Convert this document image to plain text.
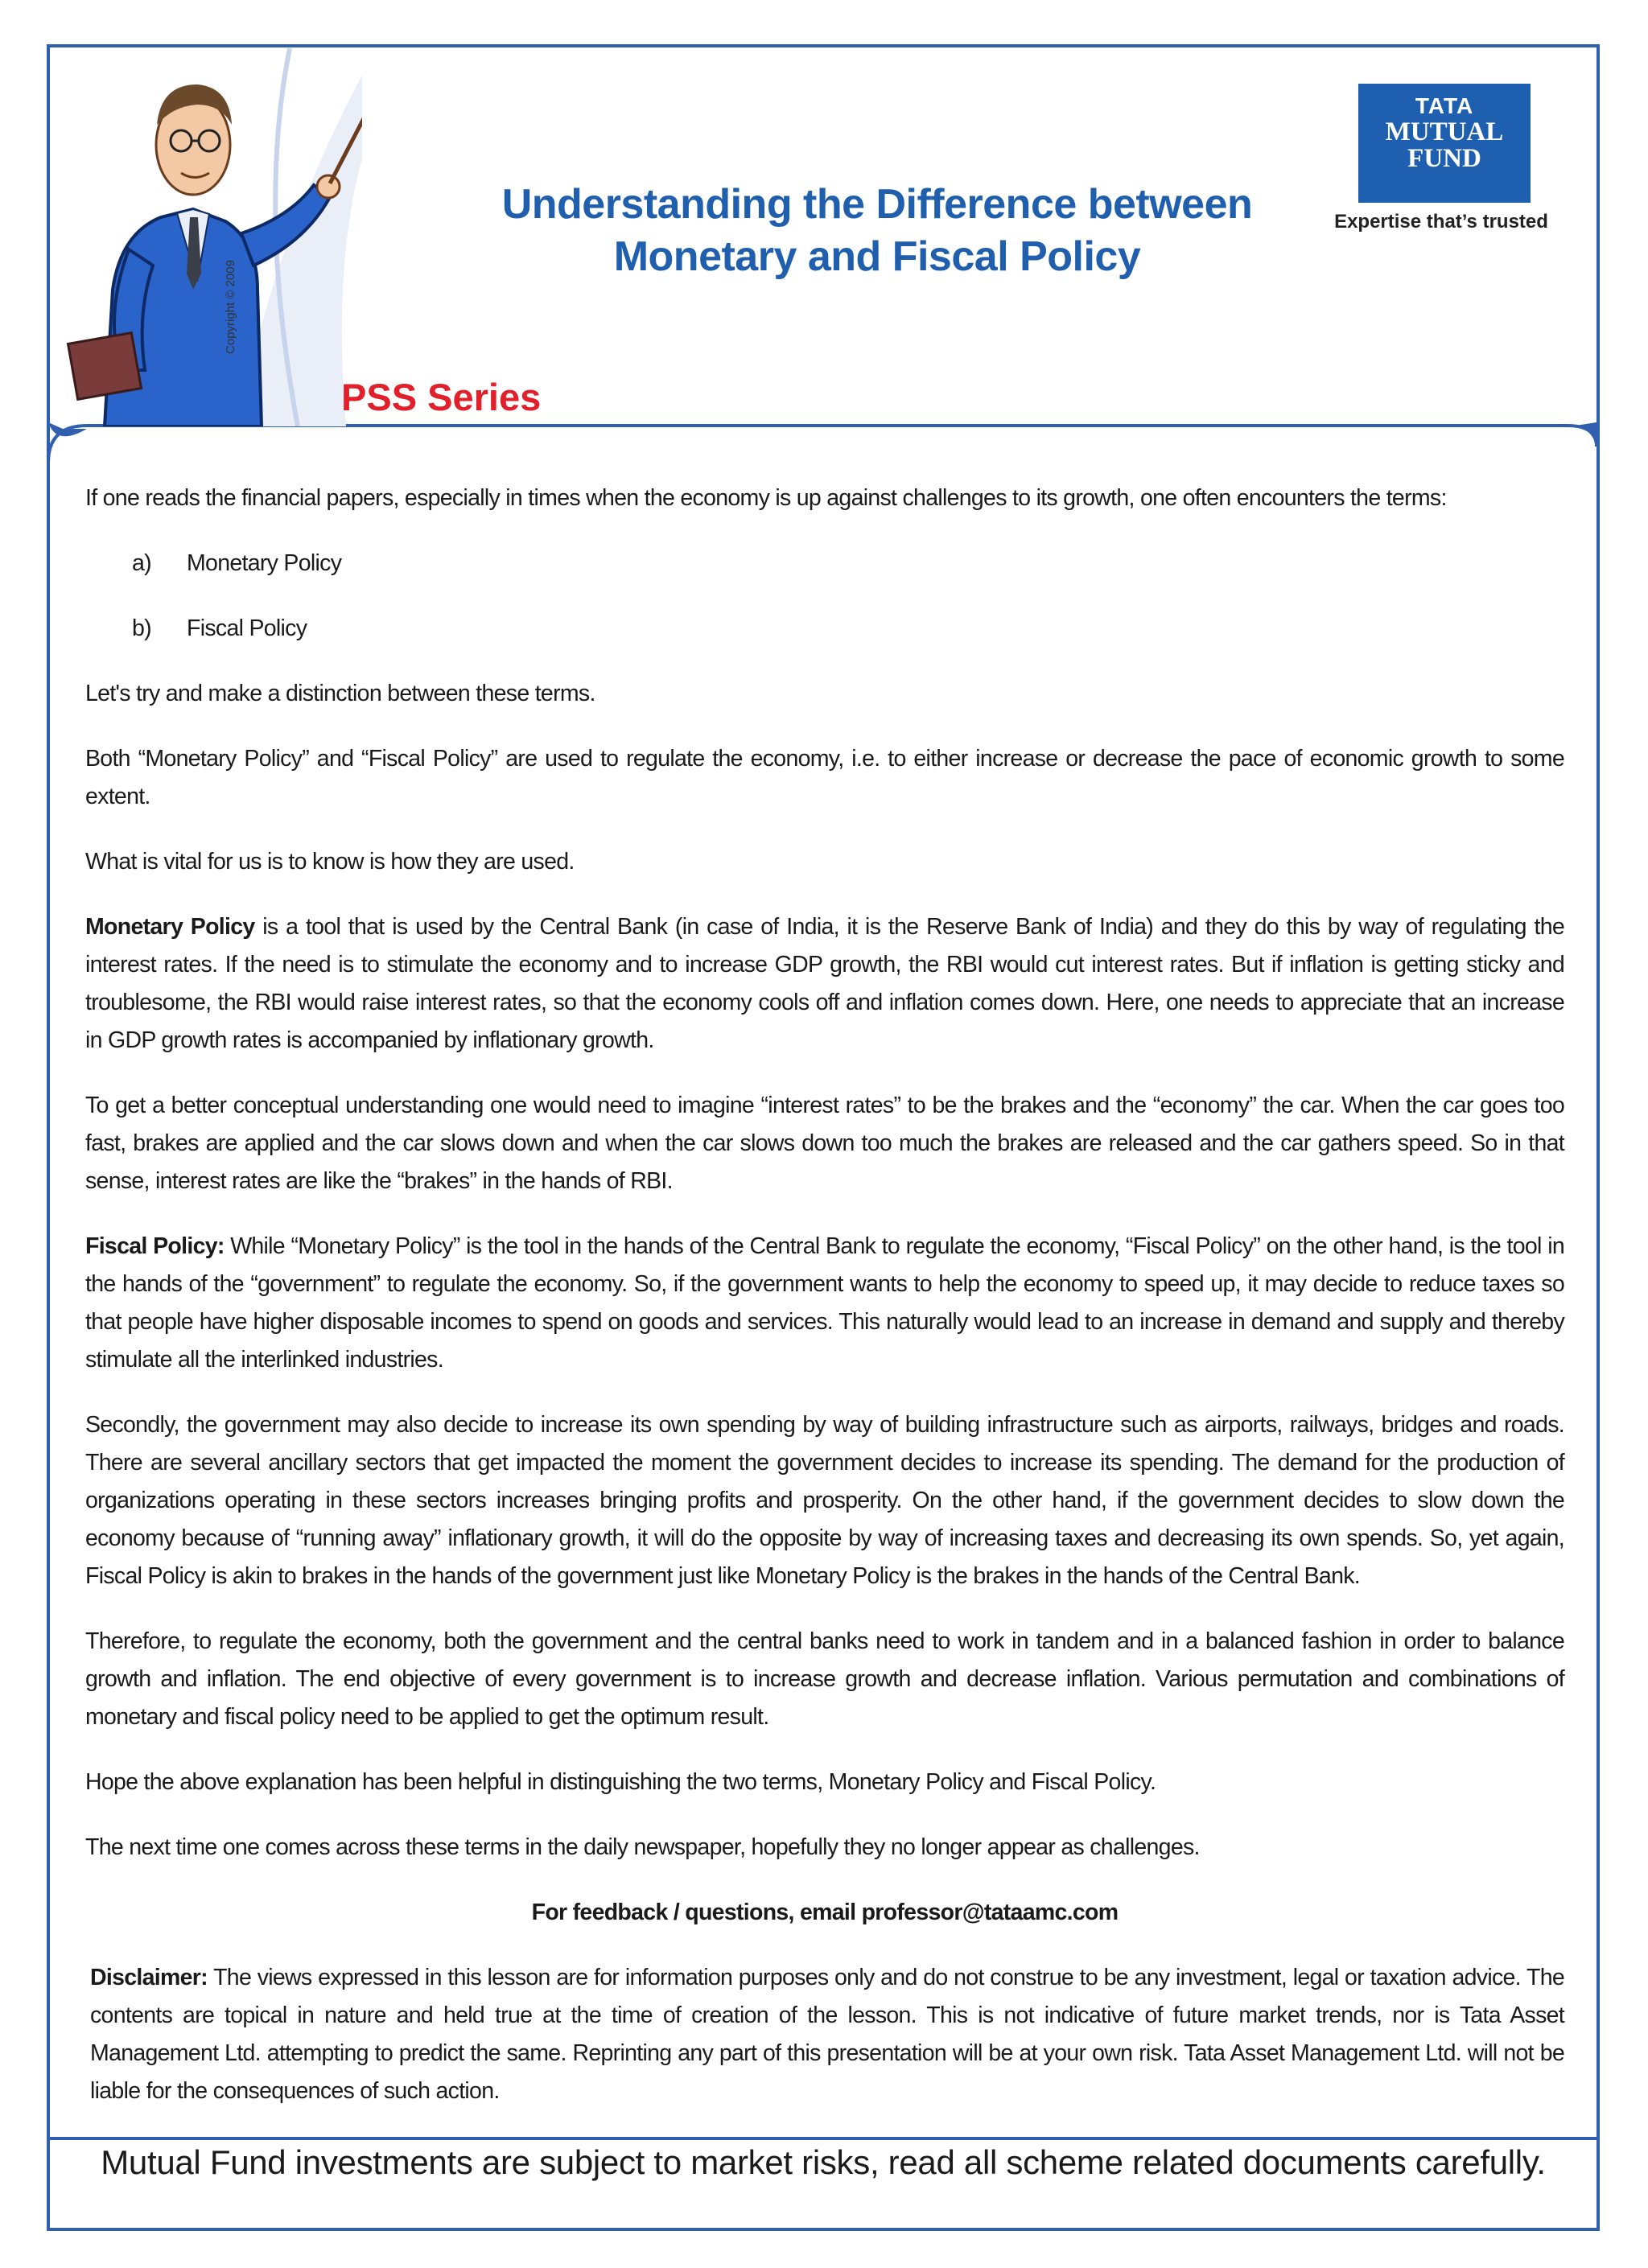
Copyright © 2009
Understanding the Difference between
Monetary and Fiscal Policy
PSS Series
TATA
MUTUAL
FUND
Expertise that’s trusted

If one reads the financial papers, especially in times when the economy is up against challenges to its growth, one often encounters the terms:

a) Monetary Policy
b) Fiscal Policy

Let's try and make a distinction between these terms.

Both “Monetary Policy” and “Fiscal Policy” are used to regulate the economy, i.e. to either increase or decrease the pace of economic growth to some extent.

What is vital for us is to know is how they are used.

Monetary Policy is a tool that is used by the Central Bank (in case of India, it is the Reserve Bank of India) and they do this by way of regulating the interest rates. If the need is to stimulate the economy and to increase GDP growth, the RBI would cut interest rates. But if inflation is getting sticky and troublesome, the RBI would raise interest rates, so that the economy cools off and inflation comes down. Here, one needs to appreciate that an increase in GDP growth rates is accompanied by inflationary growth.

To get a better conceptual understanding one would need to imagine “interest rates” to be the brakes and the “economy” the car. When the car goes too fast, brakes are applied and the car slows down and when the car slows down too much the brakes are released and the car gathers speed. So in that sense, interest rates are like the “brakes” in the hands of RBI.

Fiscal Policy: While “Monetary Policy” is the tool in the hands of the Central Bank to regulate the economy, “Fiscal Policy” on the other hand, is the tool in the hands of the “government” to regulate the economy. So, if the government wants to help the economy to speed up, it may decide to reduce taxes so that people have higher disposable incomes to spend on goods and services. This naturally would lead to an increase in demand and supply and thereby stimulate all the interlinked industries.

Secondly, the government may also decide to increase its own spending by way of building infrastructure such as airports, railways, bridges and roads. There are several ancillary sectors that get impacted the moment the government decides to increase its spending. The demand for the production of organizations operating in these sectors increases bringing profits and prosperity. On the other hand, if the government decides to slow down the economy because of “running away” inflationary growth, it will do the opposite by way of increasing taxes and decreasing its own spends. So, yet again, Fiscal Policy is akin to brakes in the hands of the government just like Monetary Policy is the brakes in the hands of the Central Bank.

Therefore, to regulate the economy, both the government and the central banks need to work in tandem and in a balanced fashion in order to balance growth and inflation. The end objective of every government is to increase growth and decrease inflation. Various permutation and combinations of monetary and fiscal policy need to be applied to get the optimum result.

Hope the above explanation has been helpful in distinguishing the two terms, Monetary Policy and Fiscal Policy.

The next time one comes across these terms in the daily newspaper, hopefully they no longer appear as challenges.

For feedback / questions, email professor@tataamc.com

Disclaimer: The views expressed in this lesson are for information purposes only and do not construe to be any investment, legal or taxation advice. The contents are topical in nature and held true at the time of creation of the lesson. This is not indicative of future market trends, nor is Tata Asset Management Ltd. attempting to predict the same. Reprinting any part of this presentation will be at your own risk. Tata Asset Management Ltd. will not be liable for the consequences of such action.

Mutual Fund investments are subject to market risks, read all scheme related documents carefully.
